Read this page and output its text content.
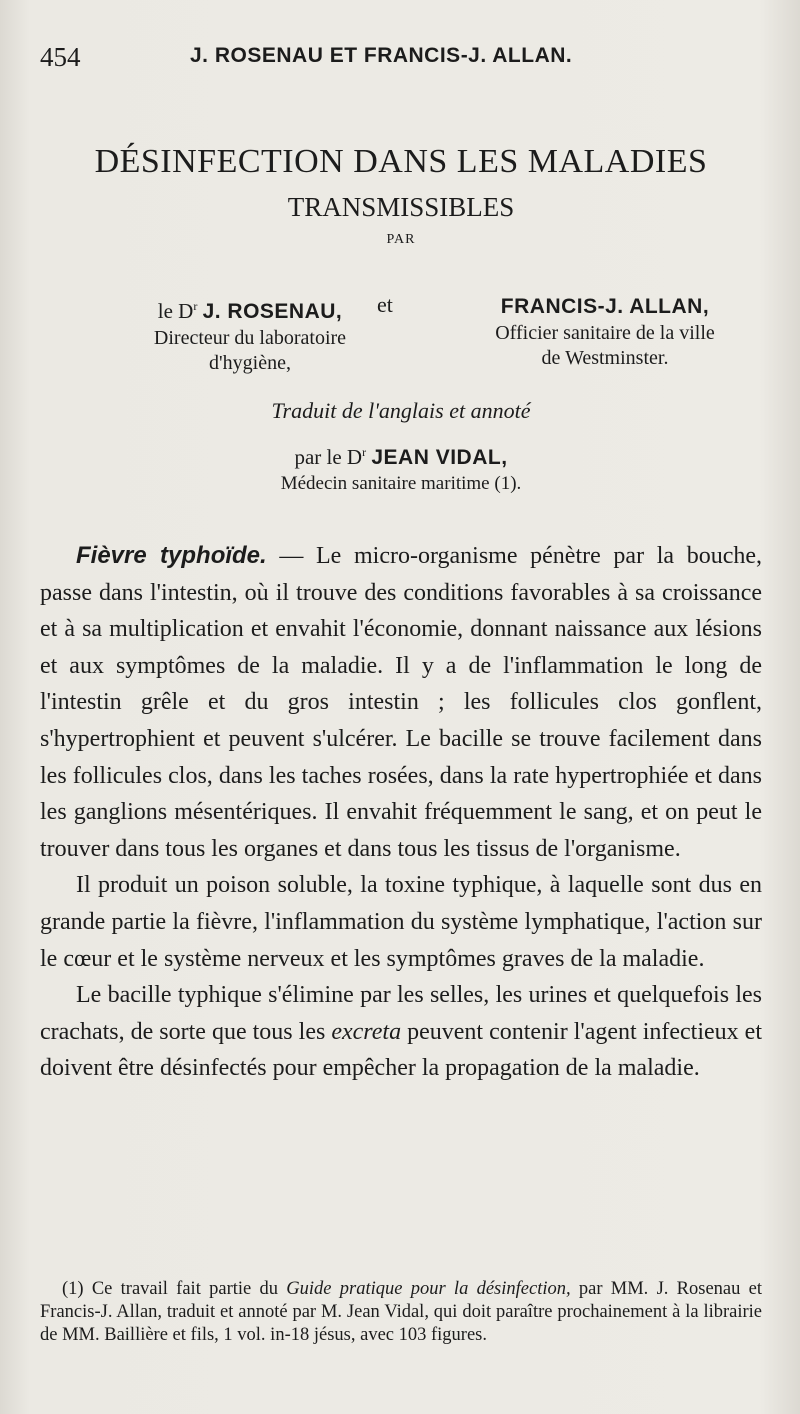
454	J. ROSENAU ET FRANCIS-J. ALLAN.
DÉSINFECTION DANS LES MALADIES
TRANSMISSIBLES
PAR
le $D^r$ J. ROSENAU,
Directeur du laboratoire
d'hygiène,
et	FRANCIS-J. ALLAN,
Officier sanitaire de la ville
de Westminster.
Traduit de l'anglais et annoté
par le $D^r$ JEAN VIDAL,
Médecin sanitaire maritime (1).

Fièvre typhoïde. — Le micro-organisme pénètre par la bouche, passe dans l'intestin, où il trouve des conditions favorables à sa croissance et à sa multiplication et envahit l'économie, donnant naissance aux lésions et aux symptômes de la maladie. Il y a de l'inflammation le long de l'intestin grêle et du gros intestin ; les follicules clos gonflent, s'hypertrophient et peuvent s'ulcérer. Le bacille se trouve facilement dans les follicules clos, dans les taches rosées, dans la rate hypertrophiée et dans les ganglions mésentériques. Il envahit fréquemment le sang, et on peut le trouver dans tous les organes et dans tous les tissus de l'organisme.

Il produit un poison soluble, la toxine typhique, à laquelle sont dus en grande partie la fièvre, l'inflammation du système lymphatique, l'action sur le cœur et le système nerveux et les symptômes graves de la maladie.

Le bacille typhique s'élimine par les selles, les urines et quelquefois les crachats, de sorte que tous les excreta peuvent contenir l'agent infectieux et doivent être désinfectés pour empêcher la propagation de la maladie.

(1) Ce travail fait partie du Guide pratique pour la désinfection, par MM. J. Rosenau et Francis-J. Allan, traduit et annoté par M. Jean Vidal, qui doit paraître prochainement à la librairie de MM. Baillière et fils, 1 vol. in-18 jésus, avec 103 figures.
